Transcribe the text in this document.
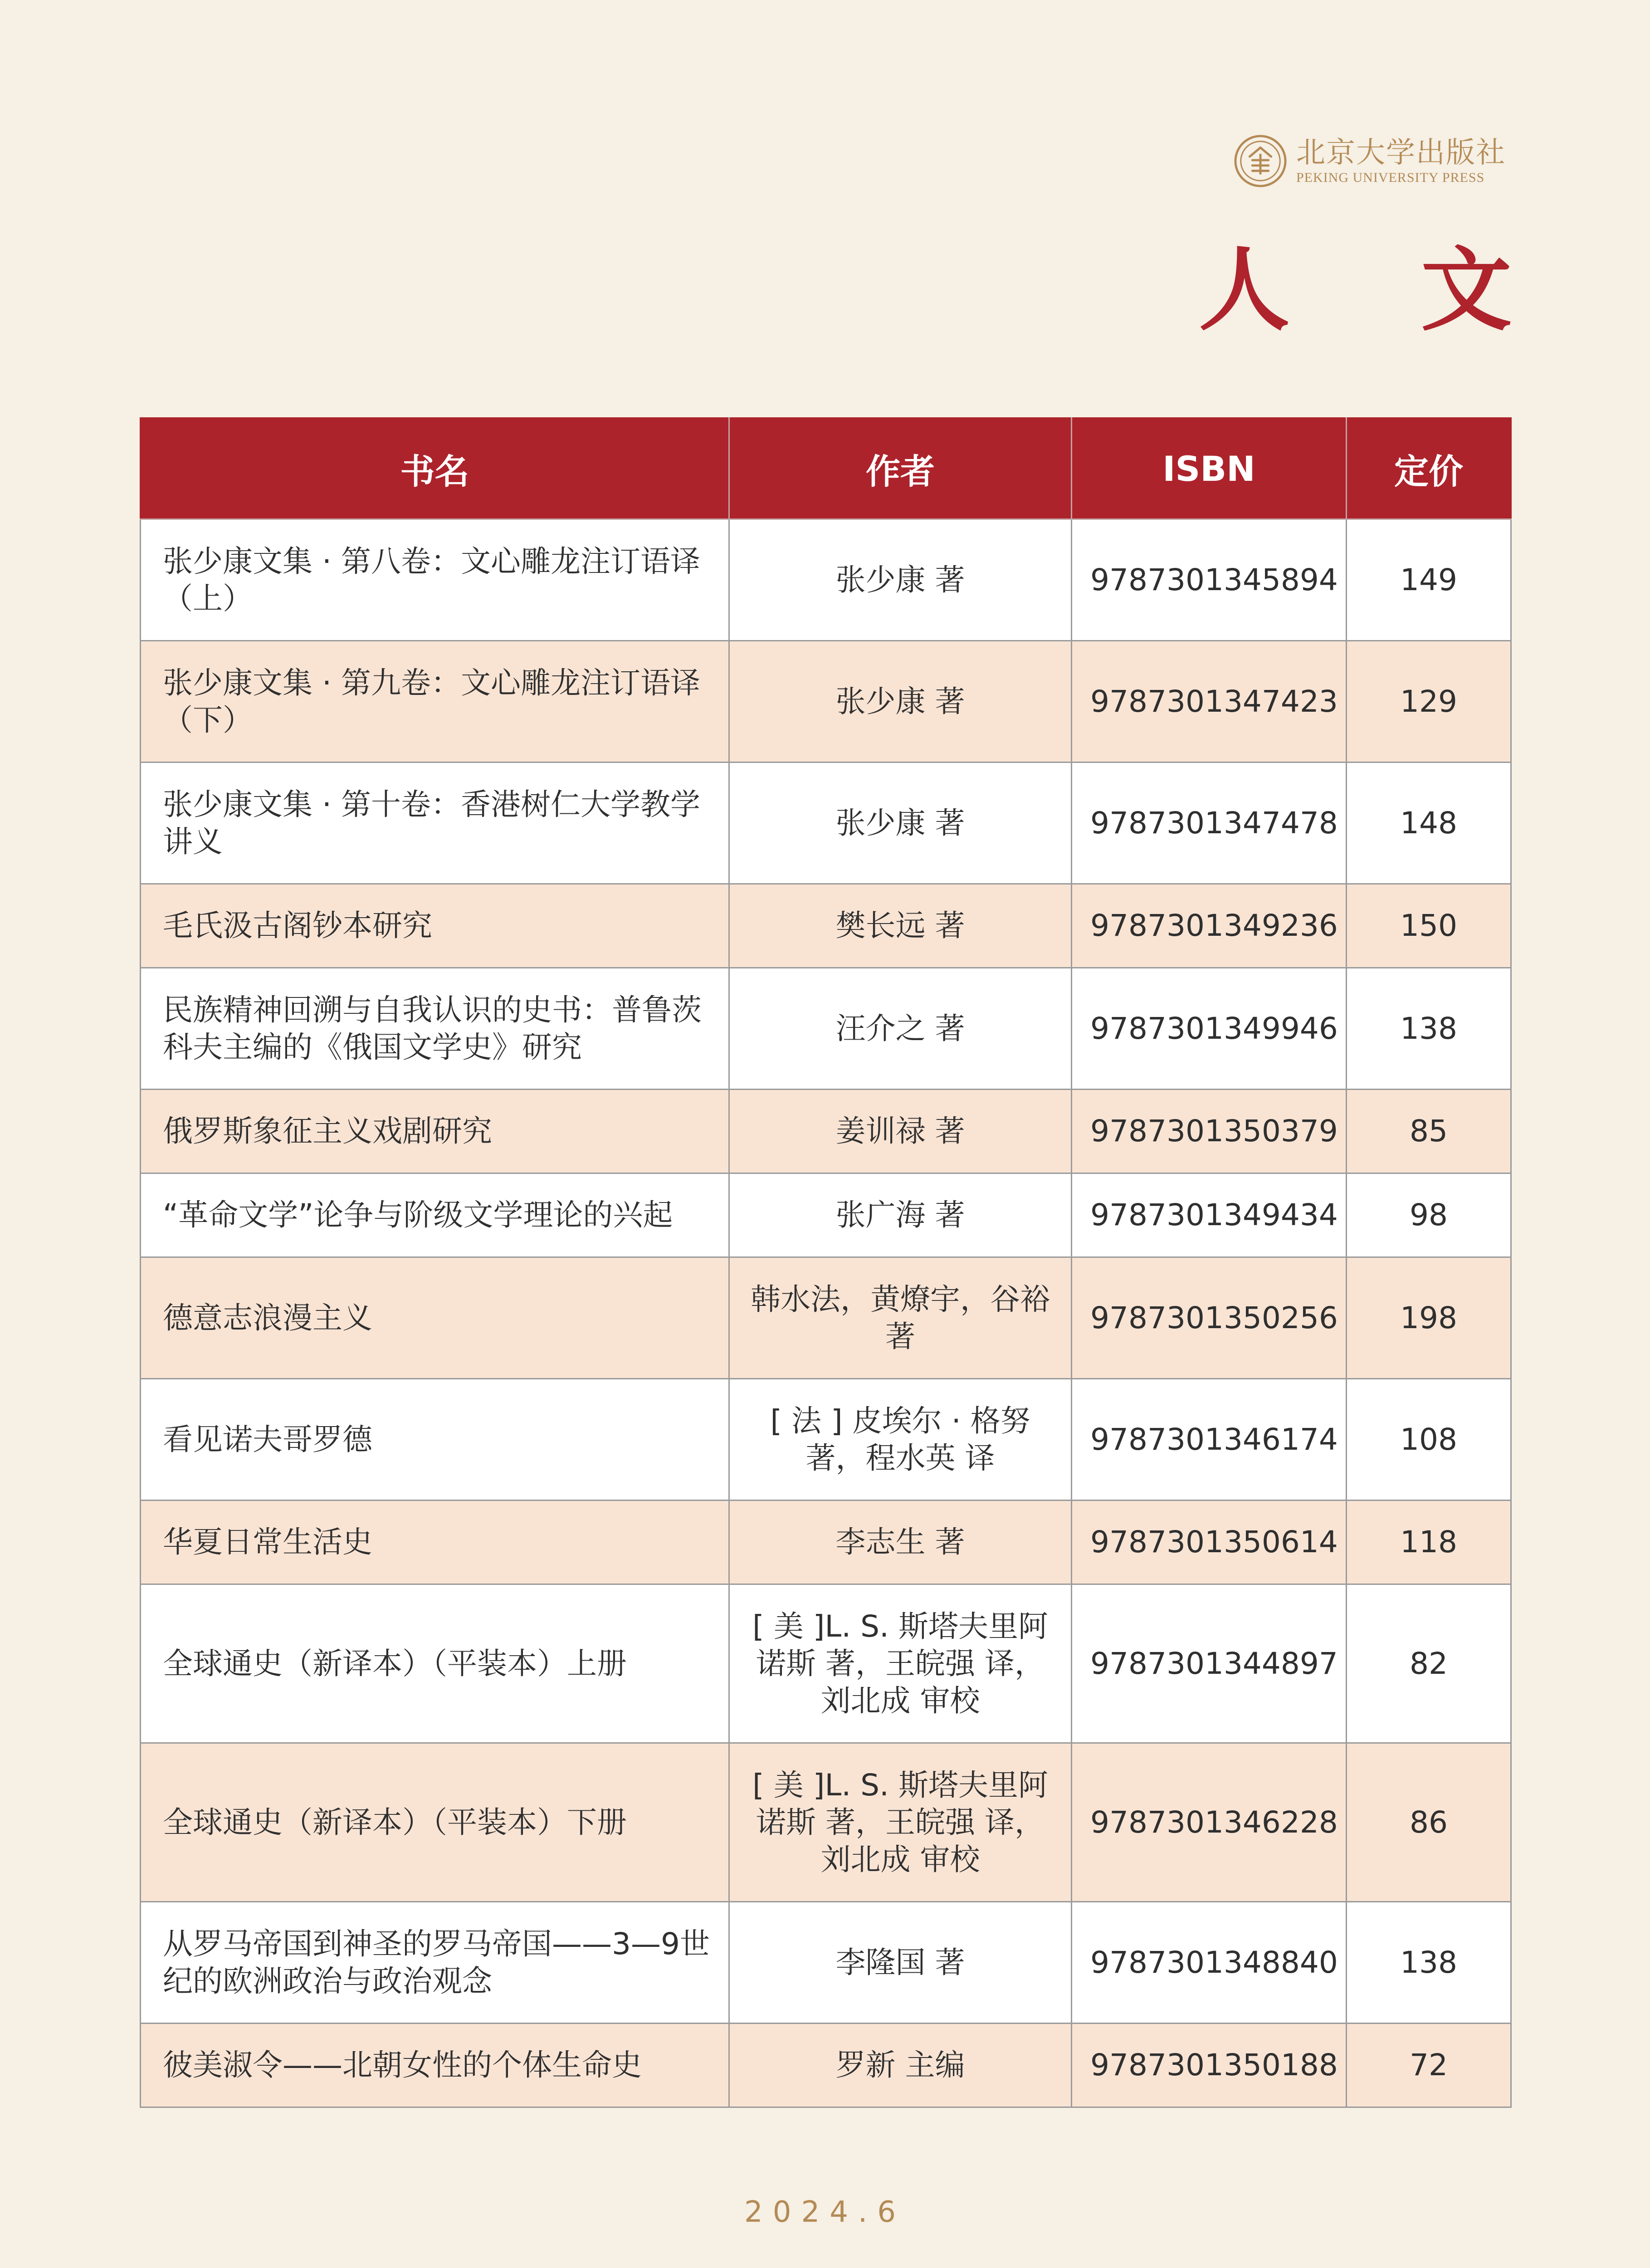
北京大学出版社
PEKING UNIVERSITY PRESS
人 文
书名	作者	ISBN	定价
张少康文集 · 第八卷：文心雕龙注订语译（上）	张少康 著	9787301345894	149
张少康文集 · 第九卷：文心雕龙注订语译（下）	张少康 著	9787301347423	129
张少康文集 · 第十卷：香港树仁大学教学讲义	张少康 著	9787301347478	148
毛氏汲古阁钞本研究	樊长远 著	9787301349236	150
民族精神回溯与自我认识的史书：普鲁茨科夫主编的《俄国文学史》研究	汪介之 著	9787301349946	138
俄罗斯象征主义戏剧研究	姜训禄 著	9787301350379	85
“革命文学”论争与阶级文学理论的兴起	张广海 著	9787301349434	98
德意志浪漫主义	韩水法，黄燎宇，谷裕 著	9787301350256	198
看见诺夫哥罗德	[ 法 ] 皮埃尔 · 格努 著，程水英 译	9787301346174	108
华夏日常生活史	李志生 著	9787301350614	118
全球通史（新译本）（平装本）上册	[ 美 ]L. S. 斯塔夫里阿诺斯 著，王皖强 译，刘北成 审校	9787301344897	82
全球通史（新译本）（平装本）下册	[ 美 ]L. S. 斯塔夫里阿诺斯 著，王皖强 译，刘北成 审校	9787301346228	86
从罗马帝国到神圣的罗马帝国——3—9世纪的欧洲政治与政治观念	李隆国 著	9787301348840	138
彼美淑令——北朝女性的个体生命史	罗新 主编	9787301350188	72
2024.6
